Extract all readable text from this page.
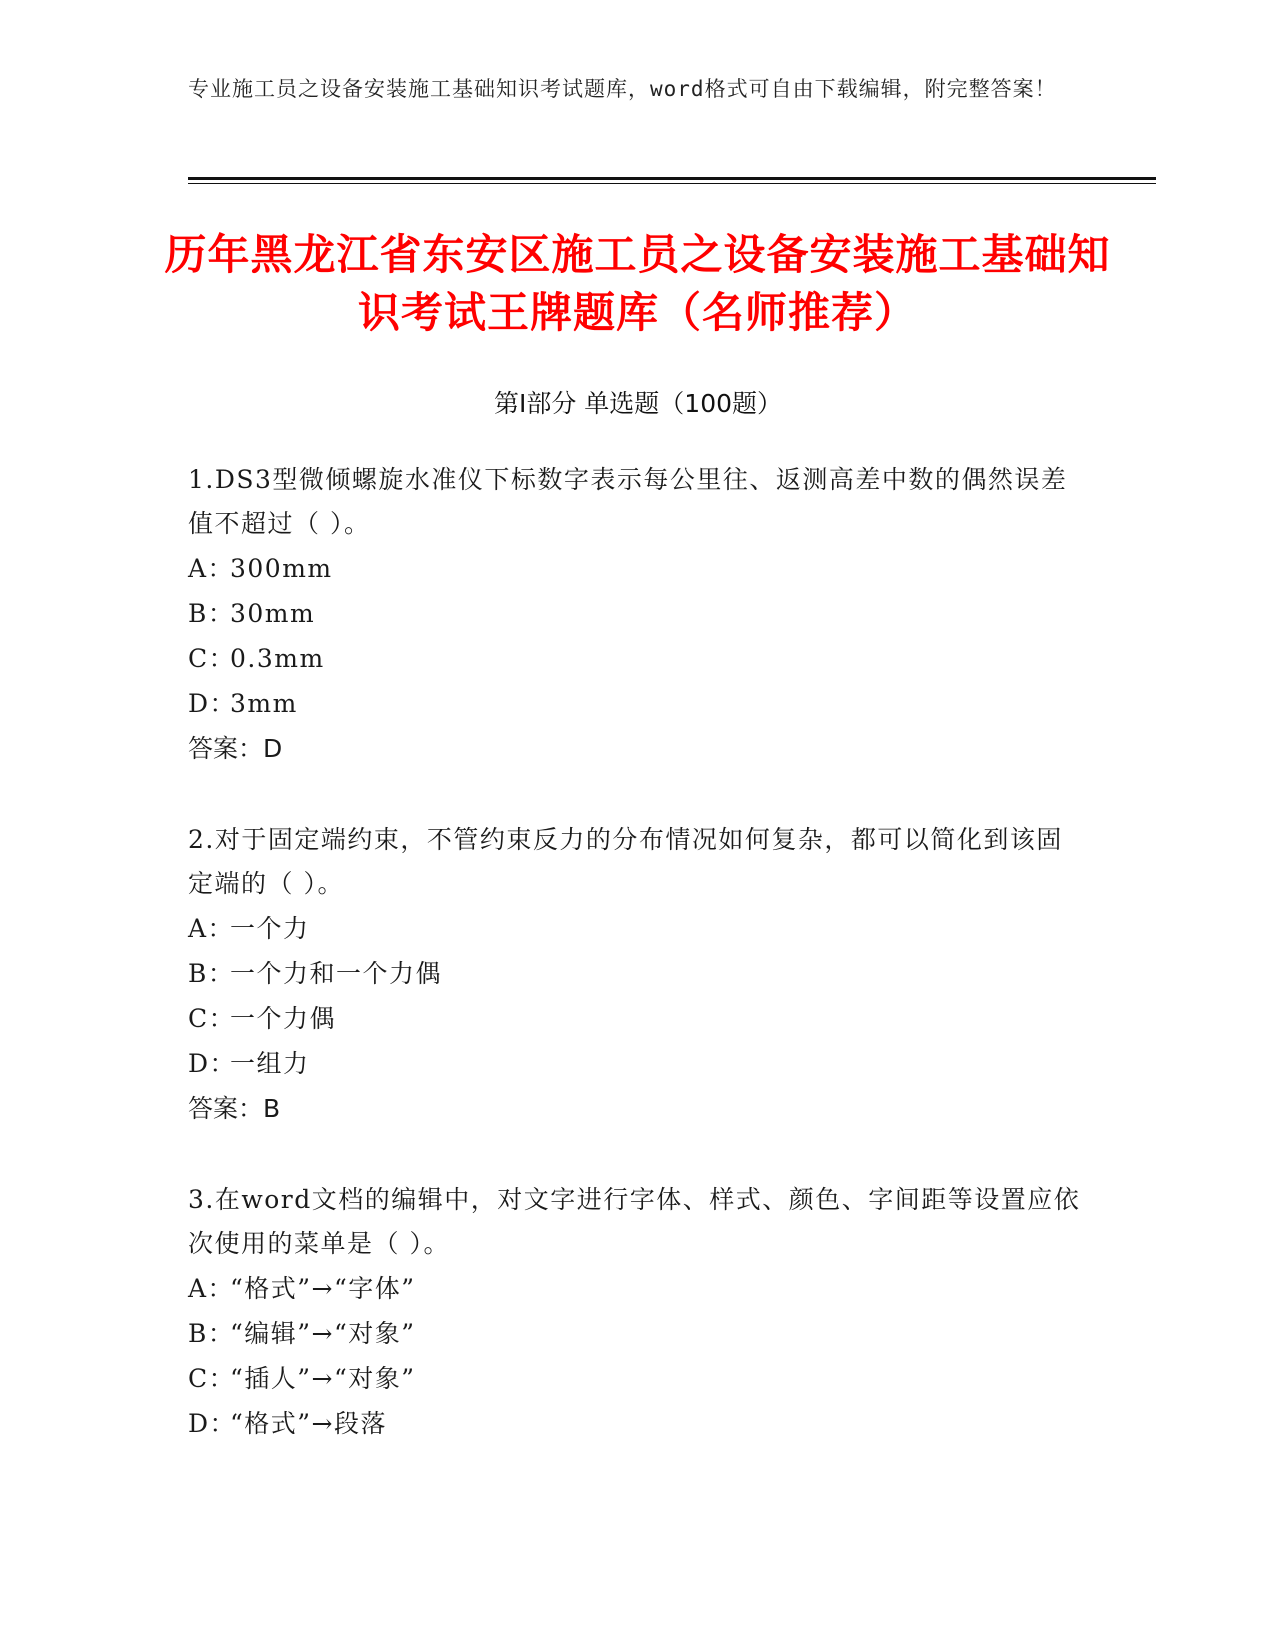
专业施工员之设备安装施工基础知识考试题库，word格式可自由下载编辑，附完整答案！
历年黑龙江省东安区施工员之设备安装施工基础知识考试王牌题库（名师推荐）
第Ⅰ部分 单选题（100题）

1.DS3型微倾螺旋水准仪下标数字表示每公里往、返测高差中数的偶然误差值不超过（ ）。

A：
300mm

B：
30mm

C：
0.3mm

D：
3mm

答案：D

2.对于固定端约束，不管约束反力的分布情况如何复杂，都可以简化到该固定端的（ ）。

A：
一个力

B：
一个力和一个力偶

C：
一个力偶

D：
一组力

答案：B

3.在word文档的编辑中，对文字进行字体、样式、颜色、字间距等设置应依次使用的菜单是（ ）。

A：
“格式”→“字体”

B：
“编辑”→“对象”

C：
“插人”→“对象”

D：
“格式”→段落
